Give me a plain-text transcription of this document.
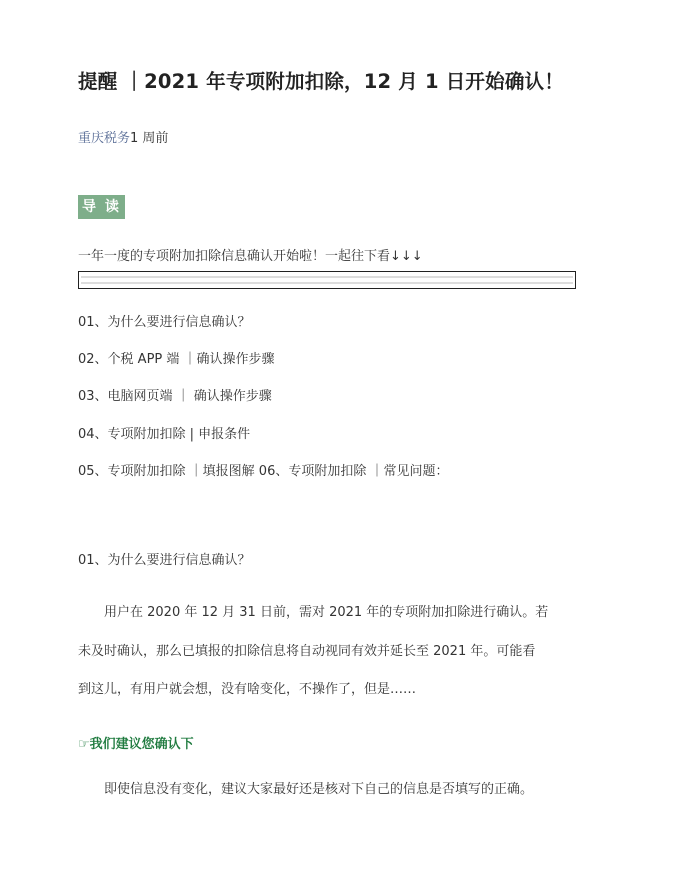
提醒 ｜2021 年专项附加扣除，12 月 1 日开始确认！
重庆税务1 周前
导 读
一年一度的专项附加扣除信息确认开始啦！一起往下看↓↓↓
01、为什么要进行信息确认？
02、个税 APP 端 ｜确认操作步骤
03、电脑网页端 ｜ 确认操作步骤
04、专项附加扣除 | 申报条件
05、专项附加扣除 ｜填报图解 06、专项附加扣除 ｜常见问题：
01、为什么要进行信息确认？
　　用户在 2020 年 12 月 31 日前，需对 2021 年的专项附加扣除进行确认。若
未及时确认，那么已填报的扣除信息将自动视同有效并延长至 2021 年。可能看
到这儿，有用户就会想，没有啥变化，不操作了，但是……
☞我们建议您确认下
　　即使信息没有变化，建议大家最好还是核对下自己的信息是否填写的正确。
